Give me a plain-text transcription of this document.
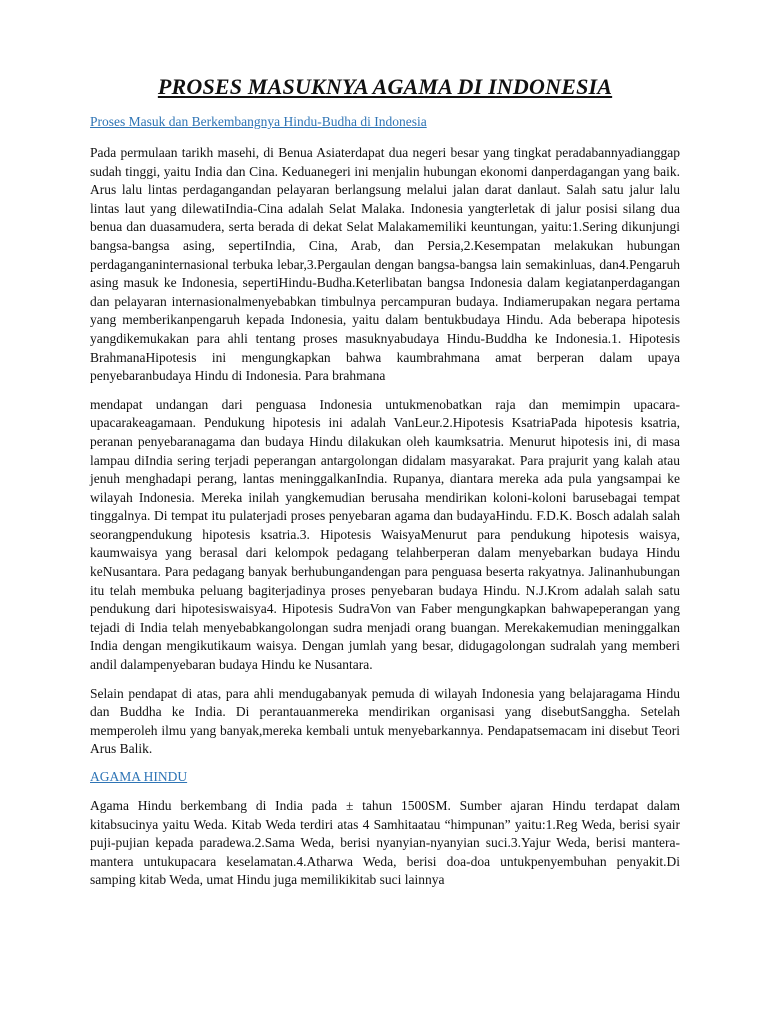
PROSES MASUKNYA AGAMA DI INDONESIA
Proses Masuk dan Berkembangnya Hindu-Budha di Indonesia

Pada permulaan tarikh masehi, di Benua Asiaterdapat dua negeri besar yang tingkat peradabannyadianggap sudah tinggi, yaitu India dan Cina. Keduanegeri ini menjalin hubungan ekonomi danperdagangan yang baik. Arus lalu lintas perdagangandan pelayaran berlangsung melalui jalan darat danlaut. Salah satu jalur lalu lintas laut yang dilewatiIndia-Cina adalah Selat Malaka. Indonesia yangterletak di jalur posisi silang dua benua dan duasamudera, serta berada di dekat Selat Malakamemiliki keuntungan, yaitu:1.Sering dikunjungi bangsa-bangsa asing, sepertiIndia, Cina, Arab, dan Persia,2.Kesempatan melakukan hubungan perdaganganinternasional terbuka lebar,3.Pergaulan dengan bangsa-bangsa lain semakinluas, dan4.Pengaruh asing masuk ke Indonesia, sepertiHindu-Budha.Keterlibatan bangsa Indonesia dalam kegiatanperdagangan dan pelayaran internasionalmenyebabkan timbulnya percampuran budaya. Indiamerupakan negara pertama yang memberikanpengaruh kepada Indonesia, yaitu dalam bentukbudaya Hindu. Ada beberapa hipotesis yangdikemukakan para ahli tentang proses masuknyabudaya Hindu-Buddha ke Indonesia.1. Hipotesis BrahmanaHipotesis ini mengungkapkan bahwa kaumbrahmana amat berperan dalam upaya penyebaranbudaya Hindu di Indonesia. Para brahmana

mendapat undangan dari penguasa Indonesia untukmenobatkan raja dan memimpin upacara-upacarakeagamaan. Pendukung hipotesis ini adalah VanLeur.2.Hipotesis KsatriaPada hipotesis ksatria, peranan penyebaranagama dan budaya Hindu dilakukan oleh kaumksatria. Menurut hipotesis ini, di masa lampau diIndia sering terjadi peperangan antargolongan didalam masyarakat. Para prajurit yang kalah atau jenuh menghadapi perang, lantas meninggalkanIndia. Rupanya, diantara mereka ada pula yangsampai ke wilayah Indonesia. Mereka inilah yangkemudian berusaha mendirikan koloni-koloni barusebagai tempat tinggalnya. Di tempat itu pulaterjadi proses penyebaran agama dan budayaHindu. F.D.K. Bosch adalah salah seorangpendukung hipotesis ksatria.3. Hipotesis WaisyaMenurut para pendukung hipotesis waisya, kaumwaisya yang berasal dari kelompok pedagang telahberperan dalam menyebarkan budaya Hindu keNusantara. Para pedagang banyak berhubungandengan para penguasa beserta rakyatnya. Jalinanhubungan itu telah membuka peluang bagiterjadinya proses penyebaran budaya Hindu. N.J.Krom adalah salah satu pendukung dari hipotesiswaisya4. Hipotesis SudraVon van Faber mengungkapkan bahwapeperangan yang tejadi di India telah menyebabkangolongan sudra menjadi orang buangan. Merekakemudian meninggalkan India dengan mengikutikaum waisya. Dengan jumlah yang besar, didugagolongan sudralah yang memberi andil dalampenyebaran budaya Hindu ke Nusantara.

Selain pendapat di atas, para ahli mendugabanyak pemuda di wilayah Indonesia yang belajaragama Hindu dan Buddha ke India. Di perantauanmereka mendirikan organisasi yang disebutSanggha. Setelah memperoleh ilmu yang banyak,mereka kembali untuk menyebarkannya. Pendapatsemacam ini disebut Teori Arus Balik.

AGAMA HINDU

Agama Hindu berkembang di India pada ± tahun 1500SM. Sumber ajaran Hindu terdapat dalam kitabsucinya yaitu Weda. Kitab Weda terdiri atas 4 Samhitaatau “himpunan” yaitu:1.Reg Weda, berisi syair puji-pujian kepada paradewa.2.Sama Weda, berisi nyanyian-nyanyian suci.3.Yajur Weda, berisi mantera-mantera untukupacara keselamatan.4.Atharwa Weda, berisi doa-doa untukpenyembuhan penyakit.Di samping kitab Weda, umat Hindu juga memilikikitab suci lainnya
